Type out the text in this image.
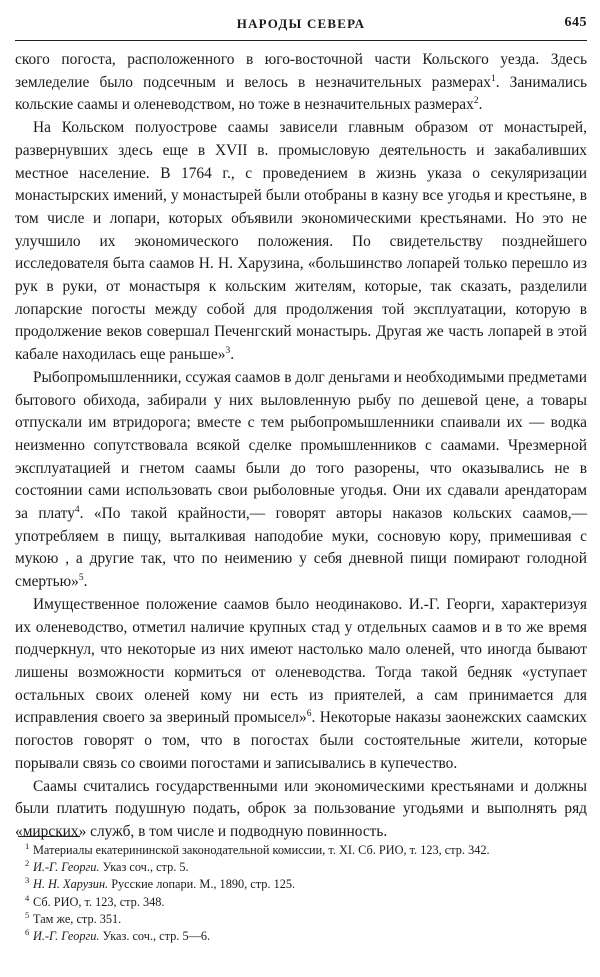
НАРОДЫ СЕВЕРА	645

ского погоста, расположенного в юго-восточной части Кольского уезда. Здесь земледелие было подсечным и велось в незначительных размерах$^1$. Занимались кольские саамы и оленеводством, но тоже в незначительных размерах$^2$.

На Кольском полуострове саамы зависели главным образом от монастырей, развернувших здесь еще в XVII в. промысловую деятельность и закабаливших местное население. В 1764 г., с проведением в жизнь указа о секуляризации монастырских имений, у монастырей были отобраны в казну все угодья и крестьяне, в том числе и лопари, которых объявили экономическими крестьянами. Но это не улучшило их экономического положения. По свидетельству позднейшего исследователя быта саамов Н. Н. Харузина, «большинство лопарей только перешло из рук в руки, от монастыря к кольским жителям, которые, так сказать, разделили лопарские погосты между собой для продолжения той эксплуатации, которую в продолжение веков совершал Печенгский монастырь. Другая же часть лопарей в этой кабале находилась еще раньше»$^3$.

Рыбопромышленники, ссужая саамов в долг деньгами и необходимыми предметами бытового обихода, забирали у них выловленную рыбу по дешевой цене, а товары отпускали им втридорога; вместе с тем рыбопромышленники спаивали их — водка неизменно сопутствовала всякой сделке промышленников с саамами. Чрезмерной эксплуатацией и гнетом саамы были до того разорены, что оказывались не в состоянии сами использовать свои рыболовные угодья. Они их сдавали арендаторам за плату$^4$. «По такой крайности,— говорят авторы наказов кольских саамов,— употребляем в пищу, выталкивая наподобие муки, сосновую кору, примешивая с мукою , а другие так, что по неимению у себя дневной пищи помирают голодной смертью»$^5$.

Имущественное положение саамов было неодинаково. И.-Г. Георги, характеризуя их оленеводство, отметил наличие крупных стад у отдельных саамов и в то же время подчеркнул, что некоторые из них имеют настолько мало оленей, что иногда бывают лишены возможности кормиться от оленеводства. Тогда такой бедняк «уступает остальных своих оленей кому ни есть из приятелей, а сам принимается для исправления своего за звериный промысел»$^6$. Некоторые наказы заонежских саамских погостов говорят о том, что в погостах были состоятельные жители, которые порывали связь со своими погостами и записывались в купечество.

Саамы считались государственными или экономическими крестьянами и должны были платить подушную подать, оброк за пользование угодьями и выполнять ряд «мирских» служб, в том числе и подводную повинность.

1 Материалы екатерининской законодательной комиссии, т. XI. Сб. РИО, т. 123, стр. 342.

2 И.-Г. Георги. Указ соч., стр. 5.

3 Н. Н. Харузин. Русские лопари. М., 1890, стр. 125.

4 Сб. РИО, т. 123, стр. 348.

5 Там же, стр. 351.

6 И.-Г. Георги. Указ. соч., стр. 5—6.
